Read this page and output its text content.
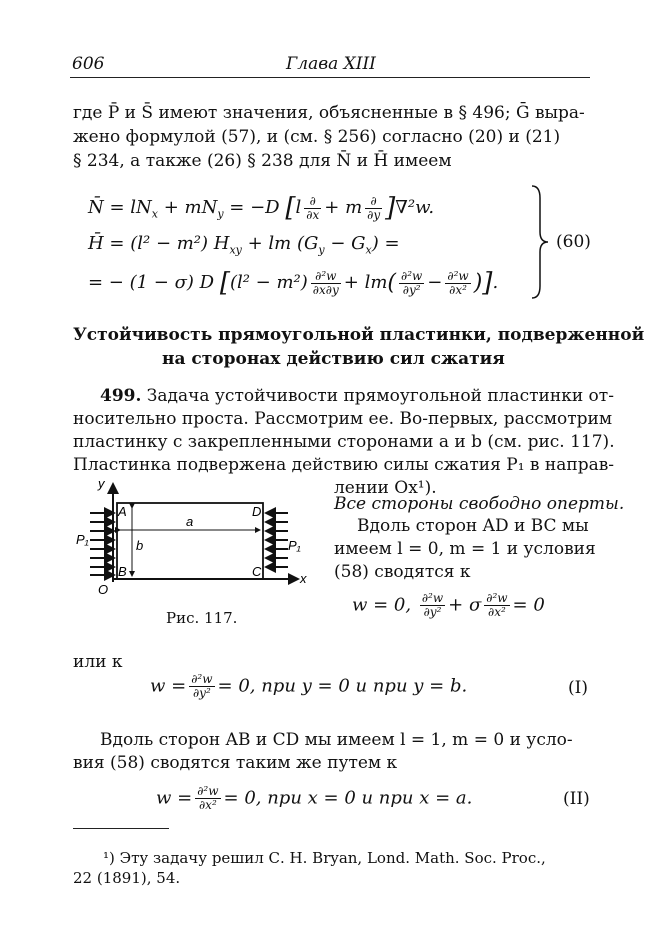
606	Глава XIII
где P̄ и S̄ имеют значения, объясненные в § 496; Ḡ выра-
жено формулой (57), и (см. § 256) согласно (20) и (21)
§ 234, а также (26) § 238 для N̄ и H̄ имеем
N̄ = $lN_x + mN_y = -D$ $[l \frac{\partial}{\partial x} + m \frac{\partial}{\partial y} ]\nabla^2w$.
H̄ = (l² − m²) $H_{xy}$ + lm $(G_y - G_x)$ =
= − (1 − σ) D [$(l^2 - m^2) \frac{\text{∂²w}}{\partial x\partial y} + lm( \frac{\text{∂²w}}{\text{∂y²}} - \frac{\text{∂²w}}{\text{∂x²}}$ )].
(60)
Устойчивость прямоугольной пластинки, подверженной
на сторонах действию сил сжатия
499. Задача устойчивости прямоугольной пластинки от-
носительно проста. Рассмотрим ее. Во-первых, рассмотрим
пластинку с закрепленными сторонами a и b (см. рис. 117).
Пластинка подвержена действию силы сжатия P₁ в направ-
лении Ox¹).
Все стороны свободно оперты.
Вдоль сторон AD и BC мы
имеем l = 0, m = 1 и условия
(58) сводятся к
y
x
A
B	C
D
O
a
b
P₁	P₁
Рис. 117.
w = 0, $\frac{\text{∂²w}}{\text{∂y²}} + \sigma \frac{\text{∂²w}}{\text{∂x²}} = 0$
или к
$w = \frac{\text{∂²w}}{\text{∂y²}} = 0$, при y = 0 и при y = b.	(I)
Вдоль сторон AB и CD мы имеем l = 1, m = 0 и усло-
вия (58) сводятся таким же путем к
$w = \frac{\text{∂²w}}{\text{∂x²}} = 0$, при x = 0 и при x = a.	(II)
¹) Эту задачу решил С. Н. Bryan, Lond. Math. Soc. Proc.,
22 (1891), 54.
